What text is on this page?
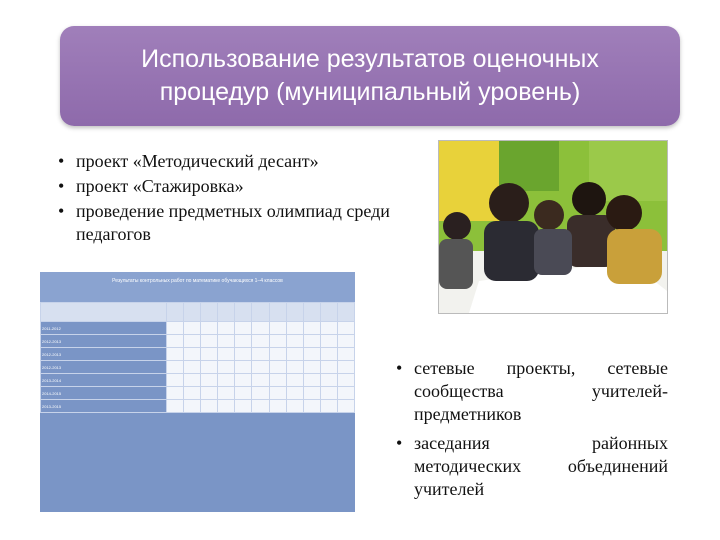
Использование результатов оценочных
процедур (муниципальный уровень)
• проект «Методический десант»
• проект «Стажировка»
• проведение предметных олимпиад среди педагогов
Результаты контрольных работ по математике обучающихся 1–4 классов

2011-2012											
2012-2013											
2012-2013											
2012-2013											
2013-2014											
2014-2015											
2013-2015											
• сетевые проекты, сетевые сообщества учителей-
предметников
• заседания районных методических объединений
учителей
